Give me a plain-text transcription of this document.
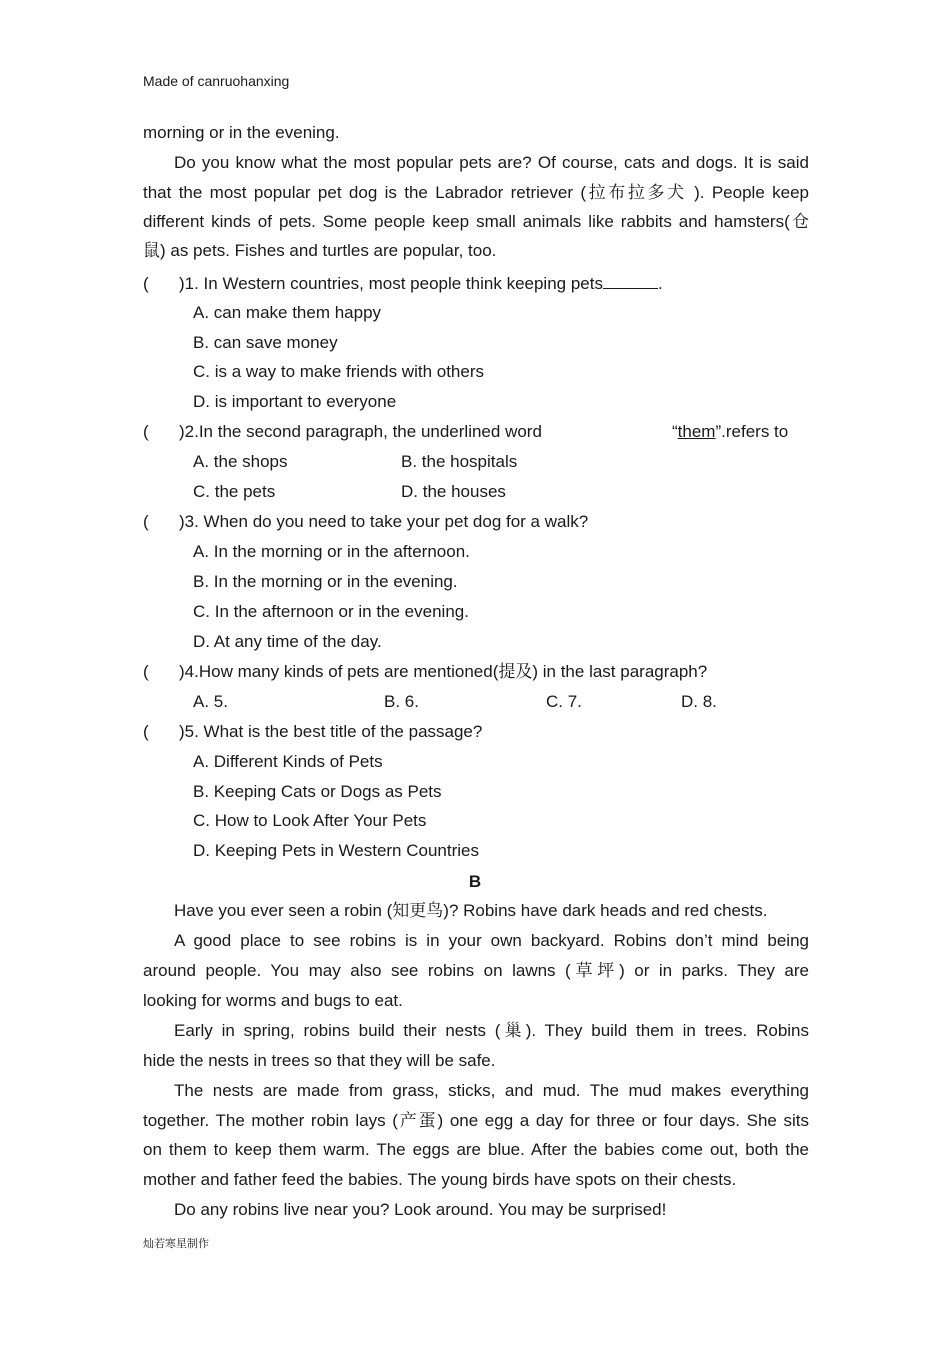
Made of canruohanxing
morning or in the evening.
Do you know what the most popular pets are? Of course, cats and dogs. It is said
that the most popular pet dog is the Labrador retriever (拉布拉多犬 ). People keep
different kinds of pets. Some people keep small animals like rabbits and hamsters(仓
鼠) as pets. Fishes and turtles are popular, too.
( )1. In Western countries, most people think keeping pets	.
A. can make them happy
B. can save money
C. is a way to make friends with others
D. is important to everyone
( )2.In the second paragraph, the underlined word	“them”.refers to
A. the shops	B. the hospitals
C. the pets	D. the houses
( )3. When do you need to take your pet dog for a walk?
A. In the morning or in the afternoon.
B. In the morning or in the evening.
C. In the afternoon or in the evening.
D. At any time of the day.
( )4.How many kinds of pets are mentioned(提及) in the last paragraph?
A. 5.	B. 6.	C. 7.	D. 8.
( )5. What is the best title of the passage?
A. Different Kinds of Pets
B. Keeping Cats or Dogs as Pets
C. How to Look After Your Pets
D. Keeping Pets in Western Countries
B
Have you ever seen a robin (知更鸟)? Robins have dark heads and red chests.
A good place to see robins is in your own backyard. Robins don’t mind being
around people. You may also see robins on lawns (草坪) or in parks. They are
looking for worms and bugs to eat.
Early in spring, robins build their nests (巢). They build them in trees. Robins
hide the nests in trees so that they will be safe.
The nests are made from grass, sticks, and mud. The mud makes everything
together. The mother robin lays (产蛋) one egg a day for three or four days. She sits
on them to keep them warm. The eggs are blue. After the babies come out, both the
mother and father feed the babies. The young birds have spots on their chests.
Do any robins live near you? Look around. You may be surprised!
灿若寒星制作
